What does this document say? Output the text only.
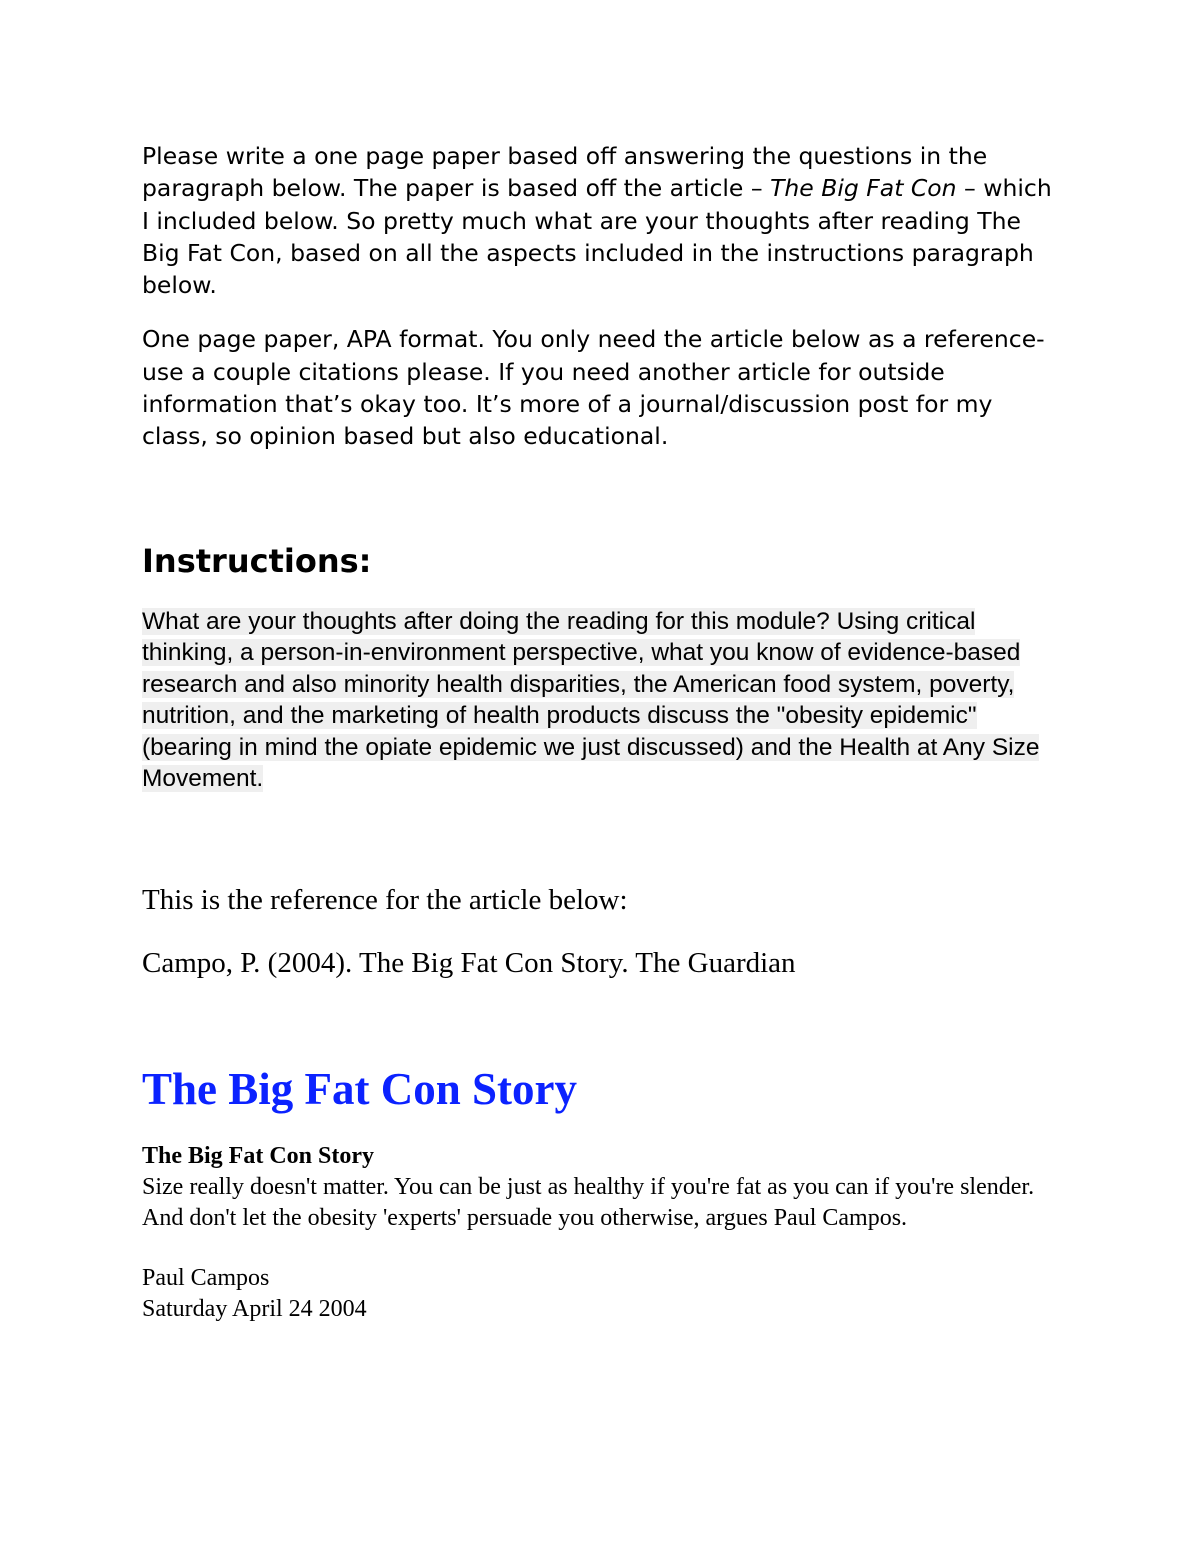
Please write a one page paper based off answering the questions in the paragraph below. The paper is based off the article – The Big Fat Con – which I included below. So pretty much what are your thoughts after reading The Big Fat Con, based on all the aspects included in the instructions paragraph below.

One page paper, APA format. You only need the article below as a reference- use a couple citations please. If you need another article for outside information that’s okay too. It’s more of a journal/discussion post for my class, so opinion based but also educational.

Instructions:

What are your thoughts after doing the reading for this module? Using critical thinking, a person-in-environment perspective, what you know of evidence-based research and also minority health disparities, the American food system, poverty, nutrition, and the marketing of health products discuss the "obesity epidemic" (bearing in mind the opiate epidemic we just discussed) and the Health at Any Size Movement.

This is the reference for the article below:

Campo, P. (2004). The Big Fat Con Story. The Guardian

The Big Fat Con Story

The Big Fat Con Story
Size really doesn't matter. You can be just as healthy if you're fat as you can if you're slender. And don't let the obesity 'experts' persuade you otherwise, argues Paul Campos.

Paul Campos
Saturday April 24 2004
